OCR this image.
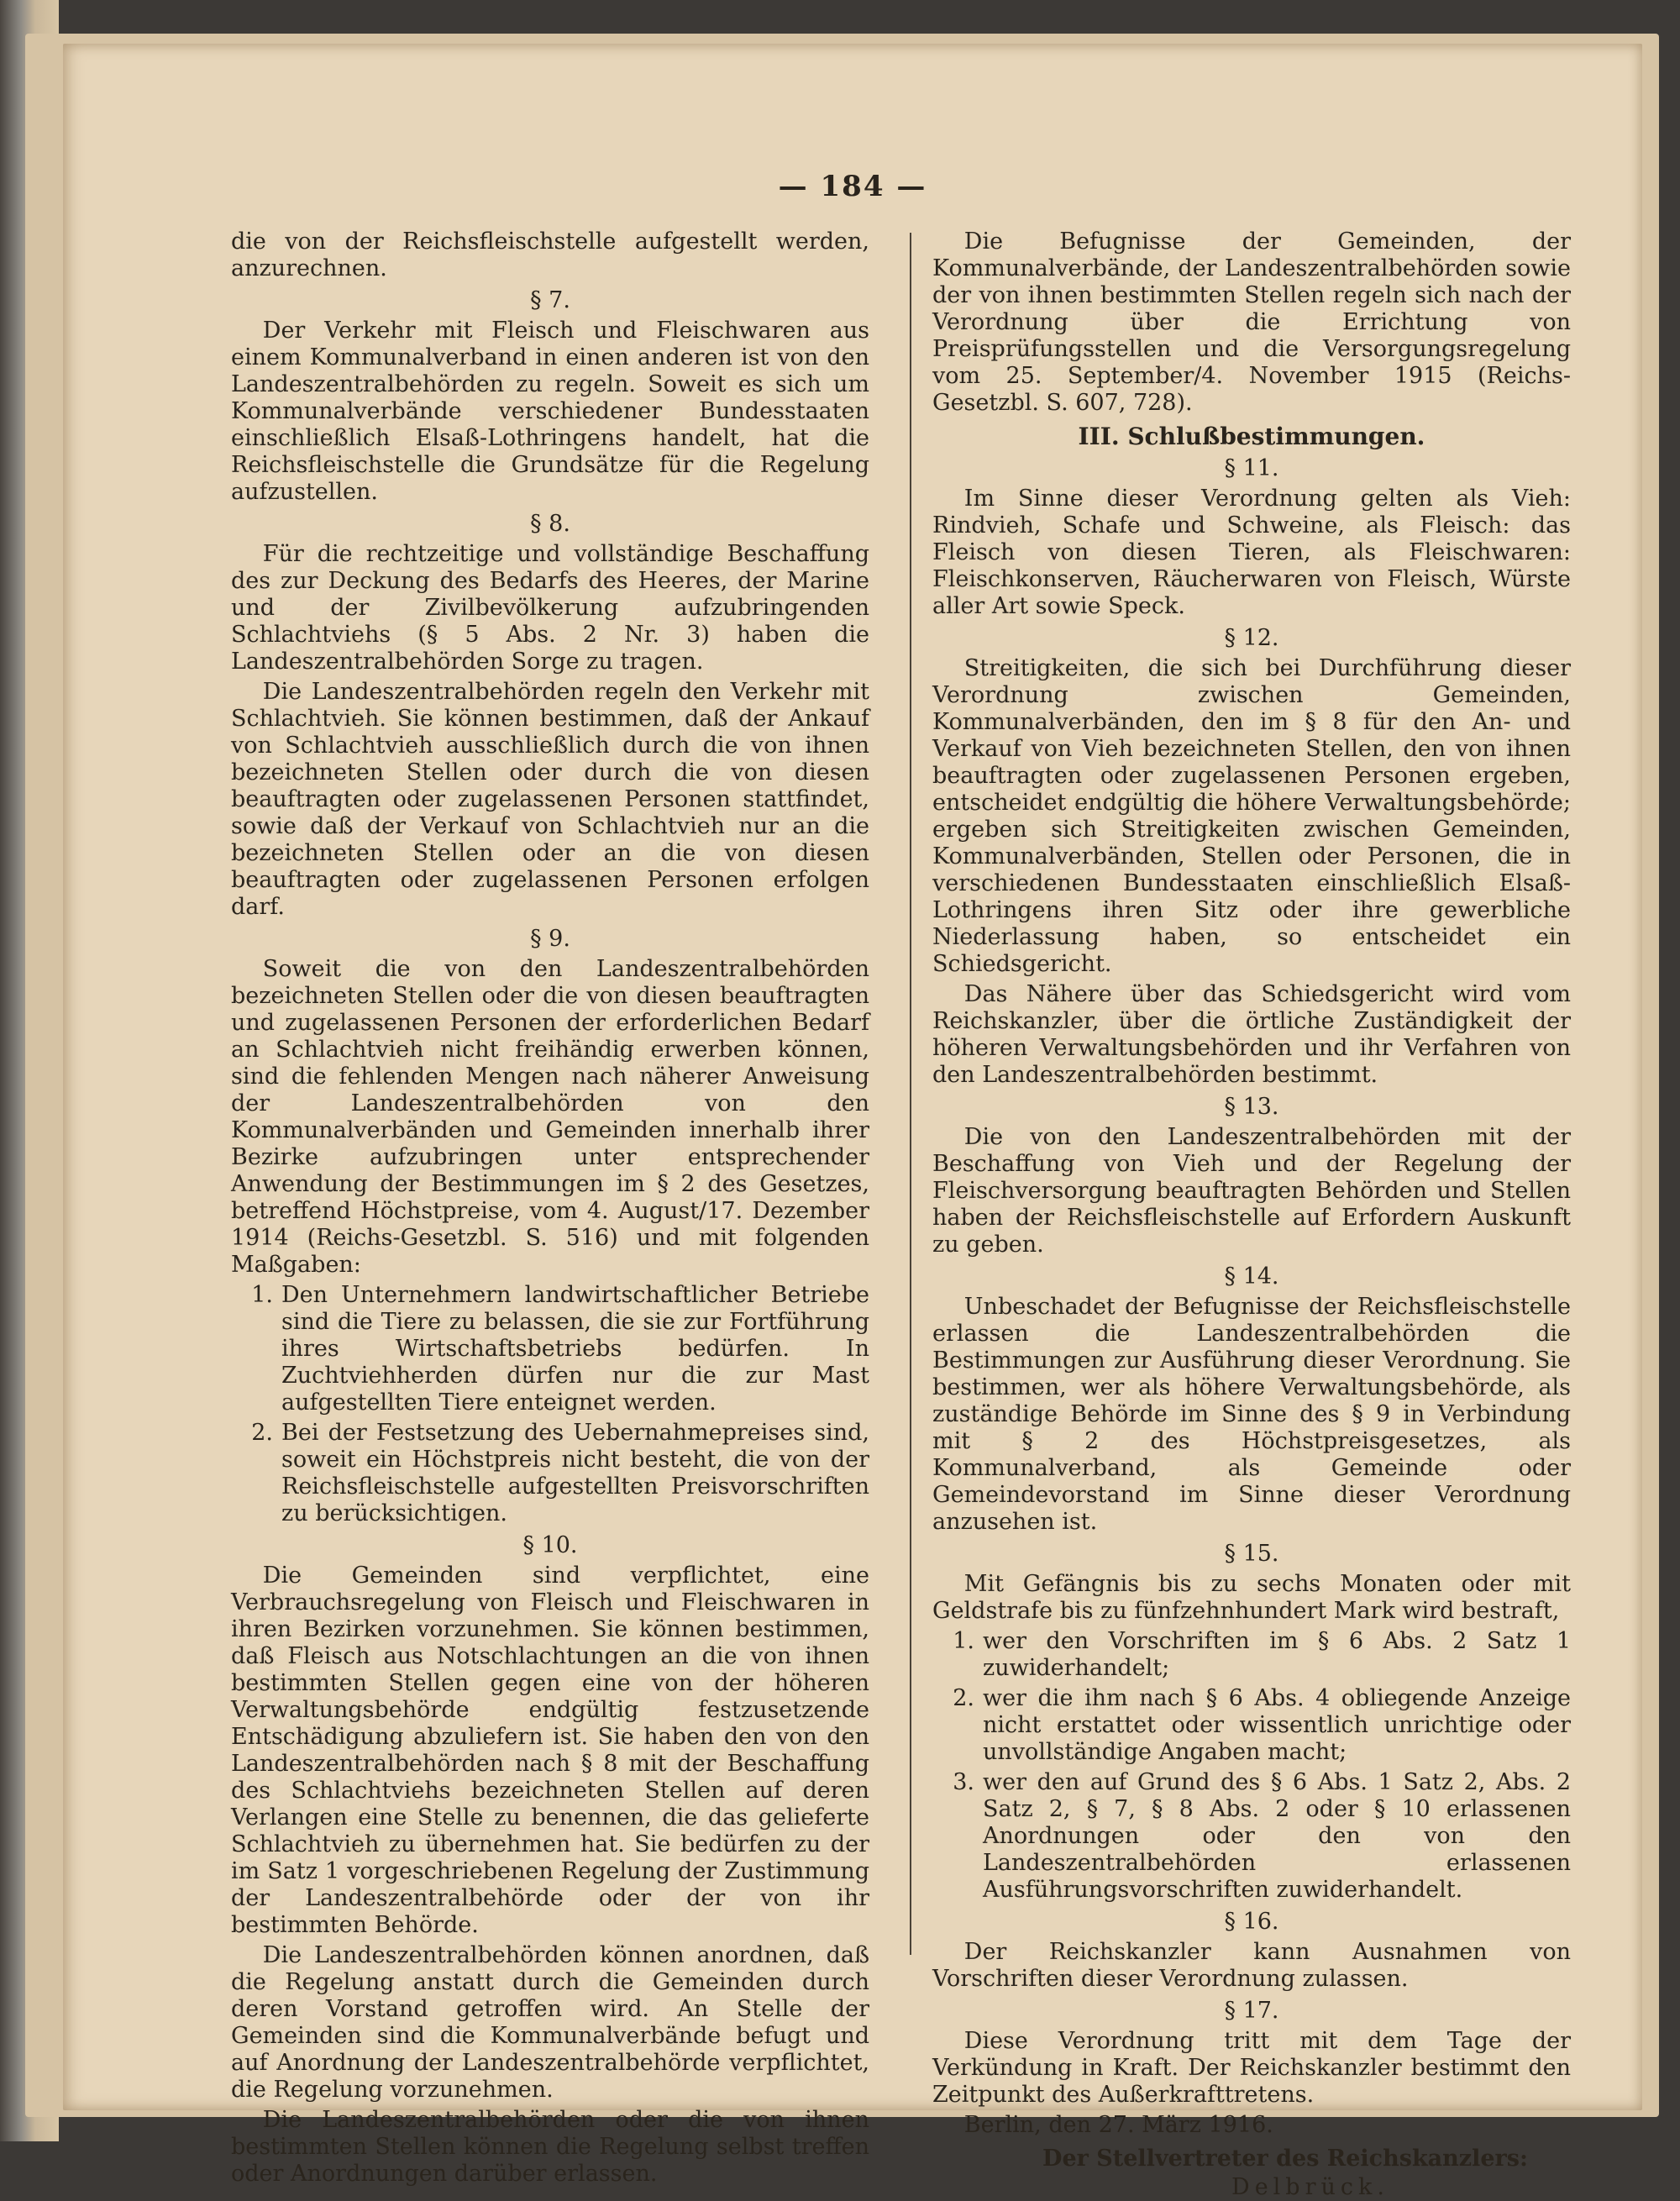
— 184 —

die von der Reichsfleischstelle aufgestellt werden, anzurechnen.

§ 7.

Der Verkehr mit Fleisch und Fleischwaren aus einem Kommunalverband in einen anderen ist von den Landeszentralbehörden zu regeln. Soweit es sich um Kommunalverbände verschiedener Bundesstaaten einschließlich Elsaß-Lothringens handelt, hat die Reichsfleischstelle die Grundsätze für die Regelung aufzustellen.

§ 8.

Für die rechtzeitige und vollständige Beschaffung des zur Deckung des Bedarfs des Heeres, der Marine und der Zivilbevölkerung aufzubringenden Schlachtviehs (§ 5 Abs. 2 Nr. 3) haben die Landeszentralbehörden Sorge zu tragen.

Die Landeszentralbehörden regeln den Verkehr mit Schlachtvieh. Sie können bestimmen, daß der Ankauf von Schlachtvieh ausschließlich durch die von ihnen bezeichneten Stellen oder durch die von diesen beauftragten oder zugelassenen Personen stattfindet, sowie daß der Verkauf von Schlachtvieh nur an die bezeichneten Stellen oder an die von diesen beauftragten oder zugelassenen Personen erfolgen darf.

§ 9.

Soweit die von den Landeszentralbehörden bezeichneten Stellen oder die von diesen beauftragten und zugelassenen Personen der erforderlichen Bedarf an Schlachtvieh nicht freihändig erwerben können, sind die fehlenden Mengen nach näherer Anweisung der Landeszentralbehörden von den Kommunalverbänden und Gemeinden innerhalb ihrer Bezirke aufzubringen unter entsprechender Anwendung der Bestimmungen im § 2 des Gesetzes, betreffend Höchstpreise, vom 4. August/17. Dezember 1914 (Reichs-Gesetzbl. S. 516) und mit folgenden Maßgaben:

1. Den Unternehmern landwirtschaftlicher Betriebe sind die Tiere zu belassen, die sie zur Fortführung ihres Wirtschaftsbetriebs bedürfen. In Zuchtviehherden dürfen nur die zur Mast aufgestellten Tiere enteignet werden.
2. Bei der Festsetzung des Uebernahmepreises sind, soweit ein Höchstpreis nicht besteht, die von der Reichsfleischstelle aufgestellten Preisvorschriften zu berücksichtigen.
§ 10.

Die Gemeinden sind verpflichtet, eine Verbrauchsregelung von Fleisch und Fleischwaren in ihren Bezirken vorzunehmen. Sie können bestimmen, daß Fleisch aus Notschlachtungen an die von ihnen bestimmten Stellen gegen eine von der höheren Verwaltungsbehörde endgültig festzusetzende Entschädigung abzuliefern ist. Sie haben den von den Landeszentralbehörden nach § 8 mit der Beschaffung des Schlachtviehs bezeichneten Stellen auf deren Verlangen eine Stelle zu benennen, die das gelieferte Schlachtvieh zu übernehmen hat. Sie bedürfen zu der im Satz 1 vorgeschriebenen Regelung der Zustimmung der Landeszentralbehörde oder der von ihr bestimmten Behörde.

Die Landeszentralbehörden können anordnen, daß die Regelung anstatt durch die Gemeinden durch deren Vorstand getroffen wird. An Stelle der Gemeinden sind die Kommunalverbände befugt und auf Anordnung der Landeszentralbehörde verpflichtet, die Regelung vorzunehmen.

Die Landeszentralbehörden oder die von ihnen bestimmten Stellen können die Regelung selbst treffen oder Anordnungen darüber erlassen.

Die Befugnisse der Gemeinden, der Kommunalverbände, der Landeszentralbehörden sowie der von ihnen bestimmten Stellen regeln sich nach der Verordnung über die Errichtung von Preisprüfungsstellen und die Versorgungsregelung vom 25. September/4. November 1915 (Reichs-Gesetzbl. S. 607, 728).

III. Schlußbestimmungen.
§ 11.

Im Sinne dieser Verordnung gelten als Vieh: Rindvieh, Schafe und Schweine, als Fleisch: das Fleisch von diesen Tieren, als Fleischwaren: Fleischkonserven, Räucherwaren von Fleisch, Würste aller Art sowie Speck.

§ 12.

Streitigkeiten, die sich bei Durchführung dieser Verordnung zwischen Gemeinden, Kommunalverbänden, den im § 8 für den An- und Verkauf von Vieh bezeichneten Stellen, den von ihnen beauftragten oder zugelassenen Personen ergeben, entscheidet endgültig die höhere Verwaltungsbehörde; ergeben sich Streitigkeiten zwischen Gemeinden, Kommunalverbänden, Stellen oder Personen, die in verschiedenen Bundesstaaten einschließlich Elsaß-Lothringens ihren Sitz oder ihre gewerbliche Niederlassung haben, so entscheidet ein Schiedsgericht.

Das Nähere über das Schiedsgericht wird vom Reichskanzler, über die örtliche Zuständigkeit der höheren Verwaltungsbehörden und ihr Verfahren von den Landeszentralbehörden bestimmt.

§ 13.

Die von den Landeszentralbehörden mit der Beschaffung von Vieh und der Regelung der Fleischversorgung beauftragten Behörden und Stellen haben der Reichsfleischstelle auf Erfordern Auskunft zu geben.

§ 14.

Unbeschadet der Befugnisse der Reichsfleischstelle erlassen die Landeszentralbehörden die Bestimmungen zur Ausführung dieser Verordnung. Sie bestimmen, wer als höhere Verwaltungsbehörde, als zuständige Behörde im Sinne des § 9 in Verbindung mit § 2 des Höchstpreisgesetzes, als Kommunalverband, als Gemeinde oder Gemeindevorstand im Sinne dieser Verordnung anzusehen ist.

§ 15.

Mit Gefängnis bis zu sechs Monaten oder mit Geldstrafe bis zu fünfzehnhundert Mark wird bestraft,

1. wer den Vorschriften im § 6 Abs. 2 Satz 1 zuwiderhandelt;
2. wer die ihm nach § 6 Abs. 4 obliegende Anzeige nicht erstattet oder wissentlich unrichtige oder unvollständige Angaben macht;
3. wer den auf Grund des § 6 Abs. 1 Satz 2, Abs. 2 Satz 2, § 7, § 8 Abs. 2 oder § 10 erlassenen Anordnungen oder den von den Landeszentralbehörden erlassenen Ausführungsvorschriften zuwiderhandelt.
§ 16.

Der Reichskanzler kann Ausnahmen von Vorschriften dieser Verordnung zulassen.

§ 17.

Diese Verordnung tritt mit dem Tage der Verkündung in Kraft. Der Reichskanzler bestimmt den Zeitpunkt des Außerkrafttretens.

Berlin, den 27. März 1916.

Der Stellvertreter des Reichskanzlers:
Delbrück.
